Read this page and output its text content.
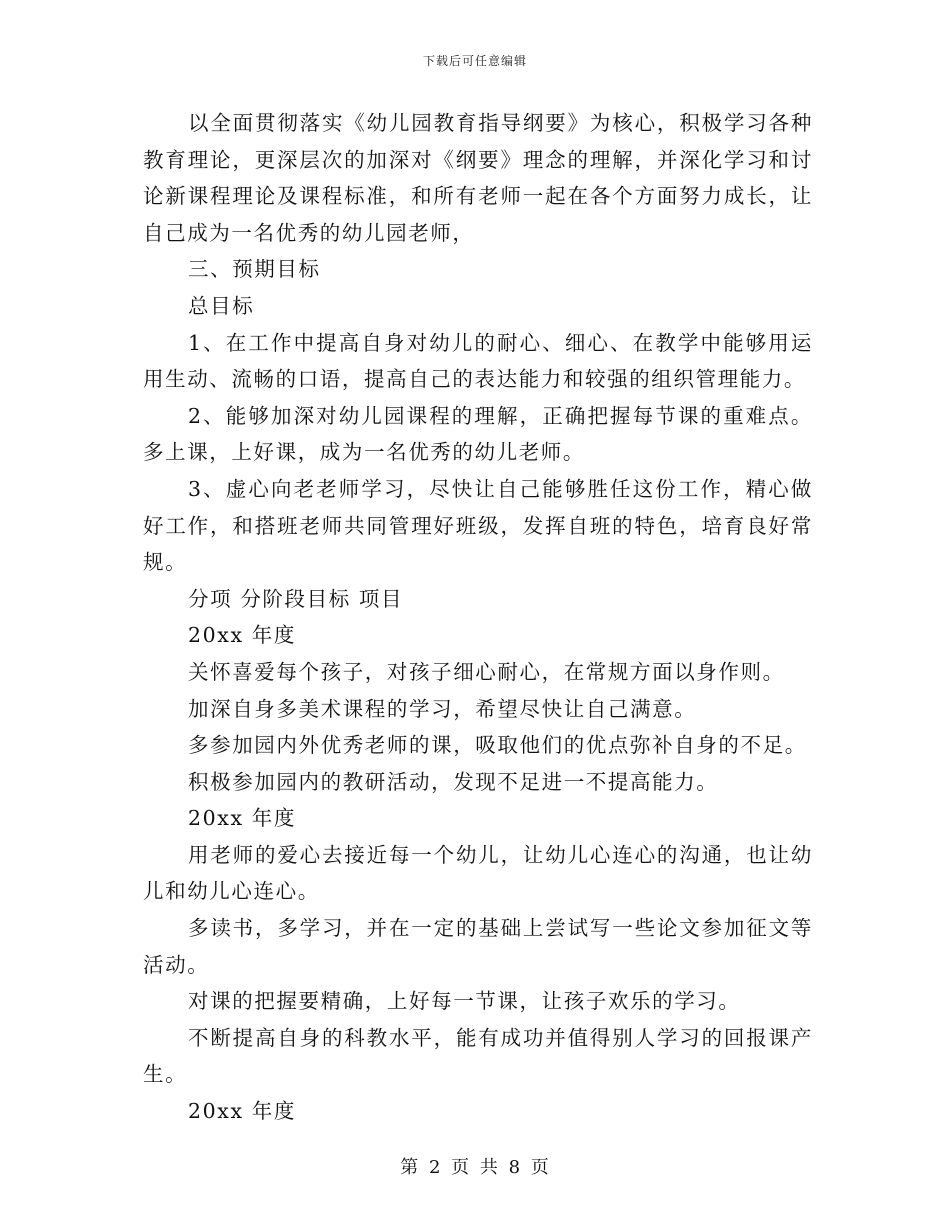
下载后可任意编辑

以全面贯彻落实《幼儿园教育指导纲要》为核心，积极学习各种教育理论，更深层次的加深对《纲要》理念的理解，并深化学习和讨论新课程理论及课程标准，和所有老师一起在各个方面努力成长，让自己成为一名优秀的幼儿园老师，

三、预期目标

总目标

1、在工作中提高自身对幼儿的耐心、细心、在教学中能够用运用生动、流畅的口语，提高自己的表达能力和较强的组织管理能力。

2、能够加深对幼儿园课程的理解，正确把握每节课的重难点。多上课，上好课，成为一名优秀的幼儿老师。

3、虚心向老老师学习，尽快让自己能够胜任这份工作，精心做好工作，和搭班老师共同管理好班级，发挥自班的特色，培育良好常规。

分项 分阶段目标 项目

20xx 年度

关怀喜爱每个孩子，对孩子细心耐心，在常规方面以身作则。

加深自身多美术课程的学习，希望尽快让自己满意。

多参加园内外优秀老师的课，吸取他们的优点弥补自身的不足。

积极参加园内的教研活动，发现不足进一不提高能力。

20xx 年度

用老师的爱心去接近每一个幼儿，让幼儿心连心的沟通，也让幼儿和幼儿心连心。

多读书，多学习，并在一定的基础上尝试写一些论文参加征文等活动。

对课的把握要精确，上好每一节课，让孩子欢乐的学习。

不断提高自身的科教水平，能有成功并值得别人学习的回报课产生。

20xx 年度

第 2 页 共 8 页
